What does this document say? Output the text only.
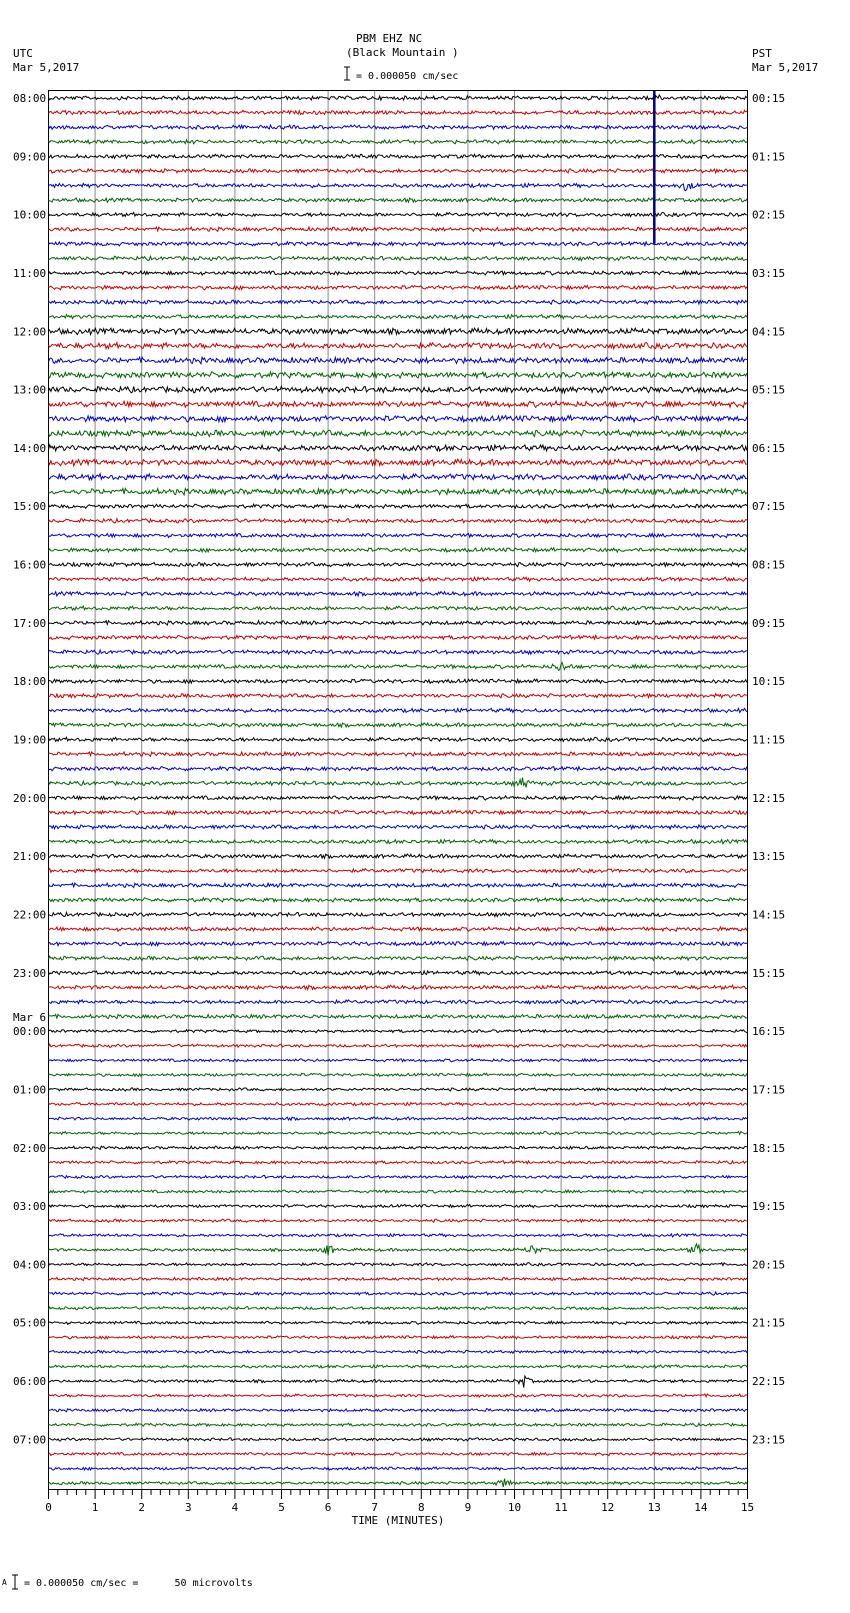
PBM EHZ NC
(Black Mountain )
UTC
Mar 5,2017
PST
Mar 5,2017
= 0.000050 cm/sec
A = 0.000050 cm/sec =      50 microvolts
0	1	2	3	4	5	6	7	8	9	10	11	12	13	14	15
TIME (MINUTES)
08:00
09:00
10:00
11:00
12:00
13:00
14:00
15:00
16:00
17:00
18:00
19:00
20:00
21:00
22:00
23:00
00:00
Mar 6
01:00
02:00
03:00
04:00
05:00
06:00
07:00
00:15
01:15
02:15
03:15
04:15
05:15
06:15
07:15
08:15
09:15
10:15
11:15
12:15
13:15
14:15
15:15
16:15
17:15
18:15
19:15
20:15
21:15
22:15
23:15
